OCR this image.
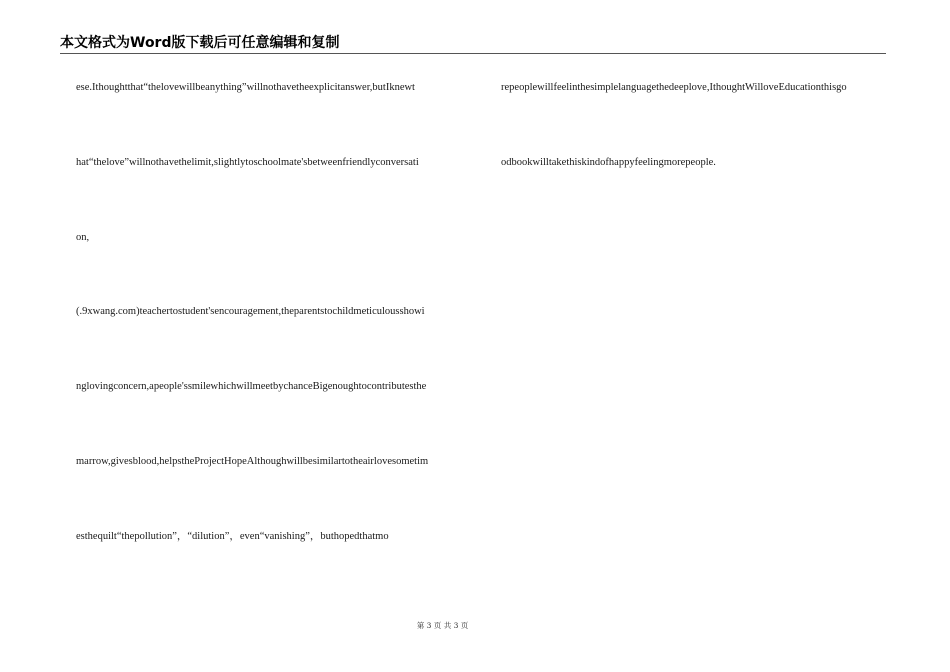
本文格式为Word版下载后可任意编辑和复制
ese.Ithoughtthat“thelovewillbeanything”willnothavetheexplicitanswer,butIknewt
hat“thelove”willnothavethelimit,slightlytoschoolmate'sbetweenfriendlyconversati
on,
(.9xwang.com)teachertostudent'sencouragement,theparentstochildmeticulousshowi
nglovingconcern,apeople'ssmilewhichwillmeetbychanceBigenoughtocontributesthe
marrow,givesblood,helpstheProjectHopeAlthoughwillbesimilartotheairlovesometim
esthequilt“thepollution”，“dilution”，even“vanishing”，buthopedthatmo
repeoplewillfeelinthesimplelanguagethedeeplove,IthoughtWilloveEducationthisgo
odbookwilltakethiskindofhappyfeelingmorepeople.
第 3 页 共 3 页
